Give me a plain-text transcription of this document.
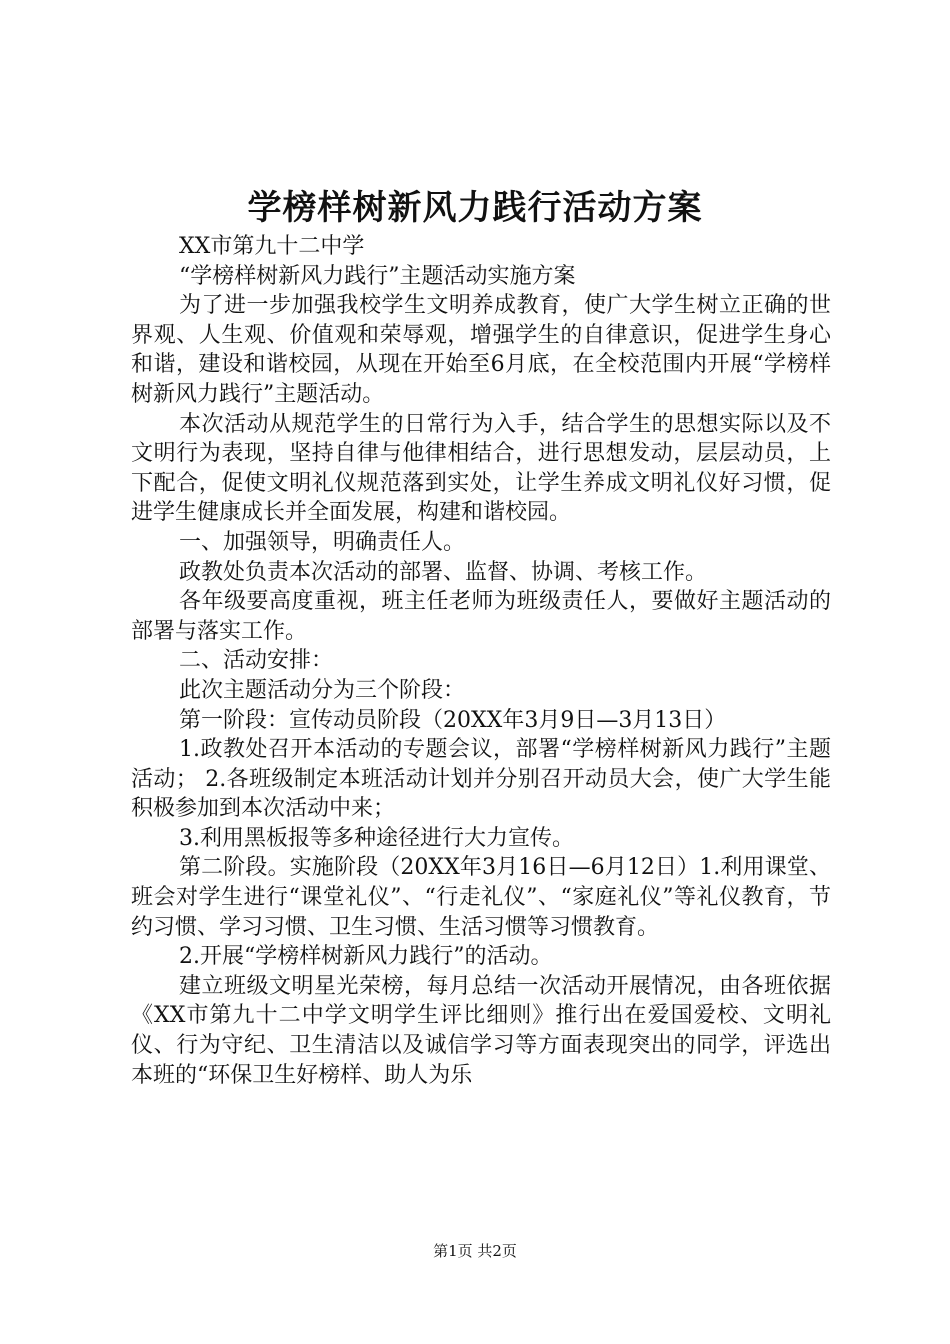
学榜样树新风力践行活动方案

XX市第九十二中学

“学榜样树新风力践行”主题活动实施方案

为了进一步加强我校学生文明养成教育，使广大学生树立正确的世界观、人生观、价值观和荣辱观，增强学生的自律意识，促进学生身心和谐，建设和谐校园，从现在开始至6月底，在全校范围内开展“学榜样树新风力践行”主题活动。

本次活动从规范学生的日常行为入手，结合学生的思想实际以及不文明行为表现，坚持自律与他律相结合，进行思想发动，层层动员，上下配合，促使文明礼仪规范落到实处，让学生养成文明礼仪好习惯，促进学生健康成长并全面发展，构建和谐校园。

一、加强领导，明确责任人。

政教处负责本次活动的部署、监督、协调、考核工作。

各年级要高度重视，班主任老师为班级责任人，要做好主题活动的部署与落实工作。

二、活动安排：

此次主题活动分为三个阶段：

第一阶段：宣传动员阶段（20XX年3月9日—3月13日）

1.政教处召开本活动的专题会议，部署“学榜样树新风力践行”主题活动； 2.各班级制定本班活动计划并分别召开动员大会，使广大学生能积极参加到本次活动中来；

3.利用黑板报等多种途径进行大力宣传。

第二阶段。实施阶段（20XX年3月16日—6月12日）1.利用课堂、班会对学生进行“课堂礼仪”、“行走礼仪”、“家庭礼仪”等礼仪教育，节约习惯、学习习惯、卫生习惯、生活习惯等习惯教育。

2.开展“学榜样树新风力践行”的活动。

建立班级文明星光荣榜，每月总结一次活动开展情况，由各班依据《XX市第九十二中学文明学生评比细则》推行出在爱国爱校、文明礼仪、行为守纪、卫生清洁以及诚信学习等方面表现突出的同学，评选出本班的“环保卫生好榜样、助人为乐

第1页 共2页
